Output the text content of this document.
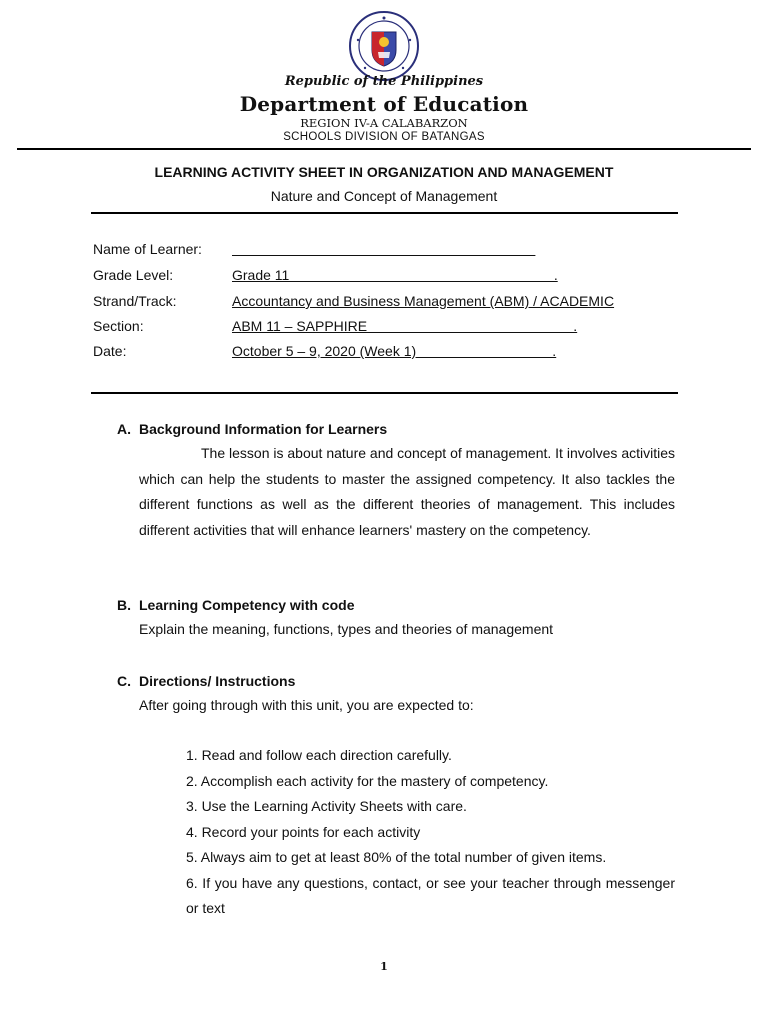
Republic of the Philippines
Department of Education
REGION IV-A CALABARZON
SCHOOLS DIVISION OF BATANGAS
LEARNING ACTIVITY SHEET IN ORGANIZATION AND MANAGEMENT
Nature and Concept of Management
Name of Learner:

Grade Level:	Grade 11                                                                    .
Strand/Track:	Accountancy and Business Management (ABM) / ACADEMIC
Section:	ABM 11 – SAPPHIRE                                                     .
Date:	October 5 – 9, 2020 (Week 1)                                   .
A. Background Information for Learners
The lesson is about nature and concept of management. It involves activities which can help the students to master the assigned competency. It also tackles the different functions as well as the different theories of management. This includes different activities that will enhance learners' mastery on the competency.
B. Learning Competency with code
Explain the meaning, functions, types and theories of management
C. Directions/ Instructions
After going through with this unit, you are expected to:
1. Read and follow each direction carefully.
2. Accomplish each activity for the mastery of competency.
3. Use the Learning Activity Sheets with care.
4. Record your points for each activity
5. Always aim to get at least 80% of the total number of given items.
6. If you have any questions, contact, or see your teacher through messenger or text
1
